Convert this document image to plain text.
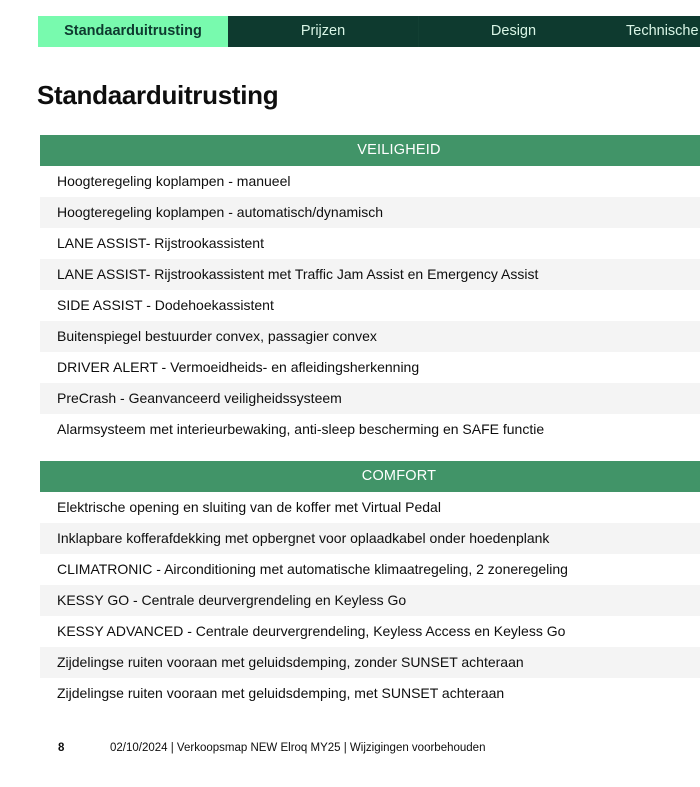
Standaarduitrusting	Prijzen	Design	Technische
Standaarduitrusting
VEILIGHEID
Hoogteregeling koplampen - manueel
Hoogteregeling koplampen - automatisch/dynamisch
LANE ASSIST- Rijstrookassistent
LANE ASSIST- Rijstrookassistent met Traffic Jam Assist en Emergency Assist
SIDE ASSIST - Dodehoekassistent
Buitenspiegel bestuurder convex, passagier convex
DRIVER ALERT - Vermoeidheids- en afleidingsherkenning
PreCrash - Geanvanceerd veiligheidssysteem
Alarmsysteem met interieurbewaking, anti-sleep bescherming en SAFE functie
COMFORT
Elektrische opening en sluiting van de koffer met Virtual Pedal
Inklapbare kofferafdekking met opbergnet voor oplaadkabel onder hoedenplank
CLIMATRONIC - Airconditioning met automatische klimaatregeling, 2 zoneregeling
KESSY GO - Centrale deurvergrendeling en Keyless Go
KESSY ADVANCED - Centrale deurvergrendeling, Keyless Access en Keyless Go
Zijdelingse ruiten vooraan met geluidsdemping, zonder SUNSET achteraan
Zijdelingse ruiten vooraan met geluidsdemping, met SUNSET achteraan
8	02/10/2024 | Verkoopsmap NEW Elroq MY25 | Wijzigingen voorbehouden
